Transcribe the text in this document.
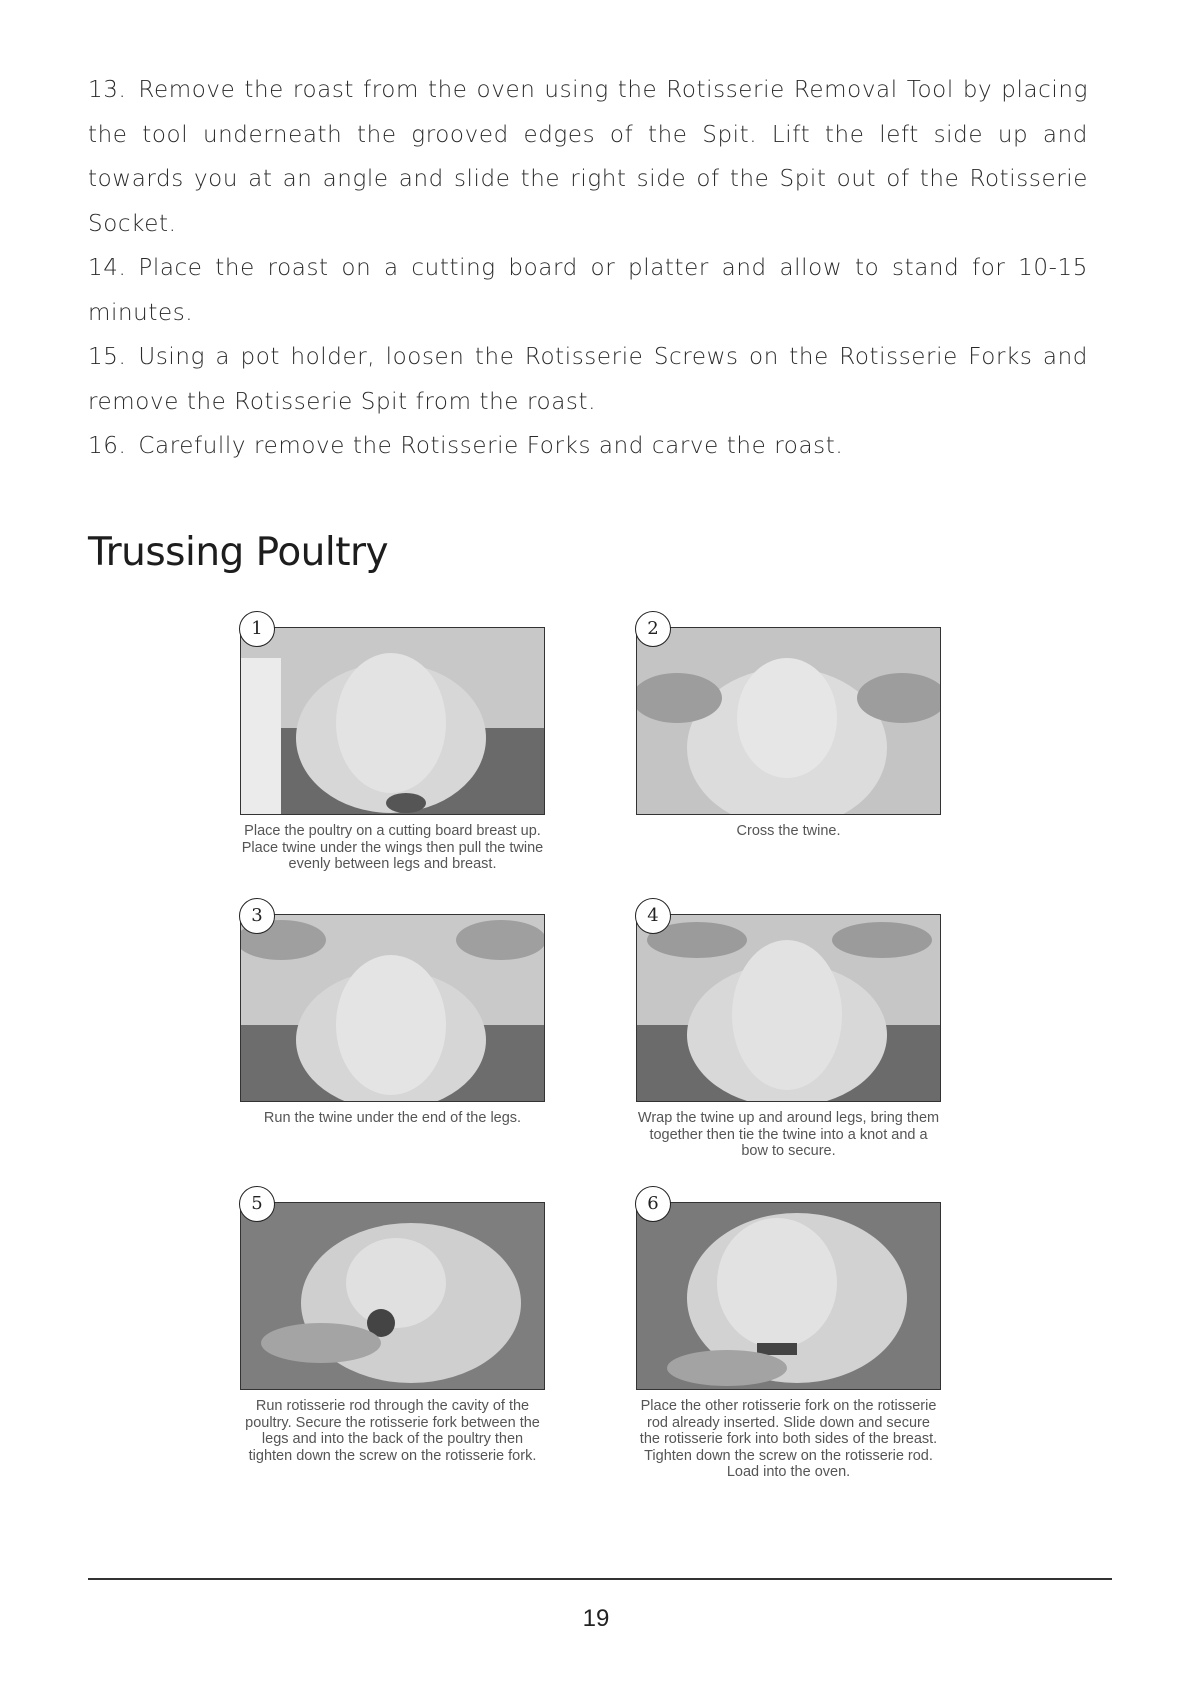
13. Remove the roast from the oven using the Rotisserie Removal Tool by placing the tool underneath the grooved edges of the Spit. Lift the left side up and towards you at an angle and slide the right side of the Spit out of the Rotisserie Socket.

14. Place the roast on a cutting board or platter and allow to stand for 10-15 minutes.

15. Using a pot holder, loosen the Rotisserie Screws on the Rotisserie Forks and remove the Rotisserie Spit from the roast.

16. Carefully remove the Rotisserie Forks and carve the roast.

Trussing Poultry
1
Place the poultry on a cutting board breast up. Place twine under the wings then pull the twine evenly between legs and breast.
2
Cross the twine.
3
Run the twine under the end of the legs.
4
Wrap the twine up and around legs, bring them together then tie the twine into a knot and a bow to secure.
5
Run rotisserie rod through the cavity of the poultry. Secure the rotisserie fork between the legs and into the back of the poultry then tighten down the screw on the rotisserie fork.
6
Place the other rotisserie fork on the rotisserie rod already inserted. Slide down and secure the rotisserie fork into both sides of the breast. Tighten down the screw on the rotisserie rod. Load into the oven.
19
